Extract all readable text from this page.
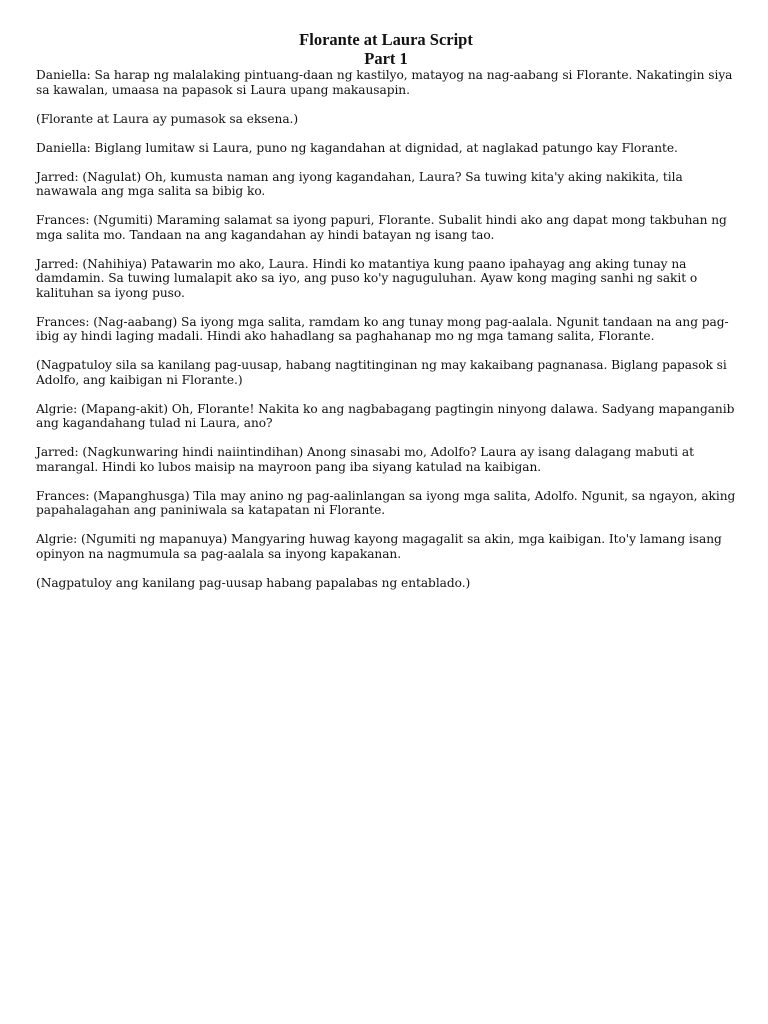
Florante at Laura Script
Part 1

Daniella: Sa harap ng malalaking pintuang-daan ng kastilyo, matayog na nag-aabang si Florante. Nakatingin siya sa kawalan, umaasa na papasok si Laura upang makausapin.

(Florante at Laura ay pumasok sa eksena.)

Daniella: Biglang lumitaw si Laura, puno ng kagandahan at dignidad, at naglakad patungo kay Florante.

Jarred: (Nagulat) Oh, kumusta naman ang iyong kagandahan, Laura? Sa tuwing kita'y aking nakikita, tila nawawala ang mga salita sa bibig ko.

Frances: (Ngumiti) Maraming salamat sa iyong papuri, Florante. Subalit hindi ako ang dapat mong takbuhan ng mga salita mo. Tandaan na ang kagandahan ay hindi batayan ng isang tao.

Jarred: (Nahihiya) Patawarin mo ako, Laura. Hindi ko matantiya kung paano ipahayag ang aking tunay na damdamin. Sa tuwing lumalapit ako sa iyo, ang puso ko'y naguguluhan. Ayaw kong maging sanhi ng sakit o kalituhan sa iyong puso.

Frances: (Nag-aabang) Sa iyong mga salita, ramdam ko ang tunay mong pag-aalala. Ngunit tandaan na ang pag-ibig ay hindi laging madali. Hindi ako hahadlang sa paghahanap mo ng mga tamang salita, Florante.

(Nagpatuloy sila sa kanilang pag-uusap, habang nagtitinginan ng may kakaibang pagnanasa. Biglang papasok si Adolfo, ang kaibigan ni Florante.)

Algrie: (Mapang-akit) Oh, Florante! Nakita ko ang nagbabagang pagtingin ninyong dalawa. Sadyang mapanganib ang kagandahang tulad ni Laura, ano?

Jarred: (Nagkunwaring hindi naiintindihan) Anong sinasabi mo, Adolfo? Laura ay isang dalagang mabuti at marangal. Hindi ko lubos maisip na mayroon pang iba siyang katulad na kaibigan.

Frances: (Mapanghusga) Tila may anino ng pag-aalinlangan sa iyong mga salita, Adolfo. Ngunit, sa ngayon, aking papahalagahan ang paniniwala sa katapatan ni Florante.

Algrie: (Ngumiti ng mapanuya) Mangyaring huwag kayong magagalit sa akin, mga kaibigan. Ito'y lamang isang opinyon na nagmumula sa pag-aalala sa inyong kapakanan.

(Nagpatuloy ang kanilang pag-uusap habang papalabas ng entablado.)
